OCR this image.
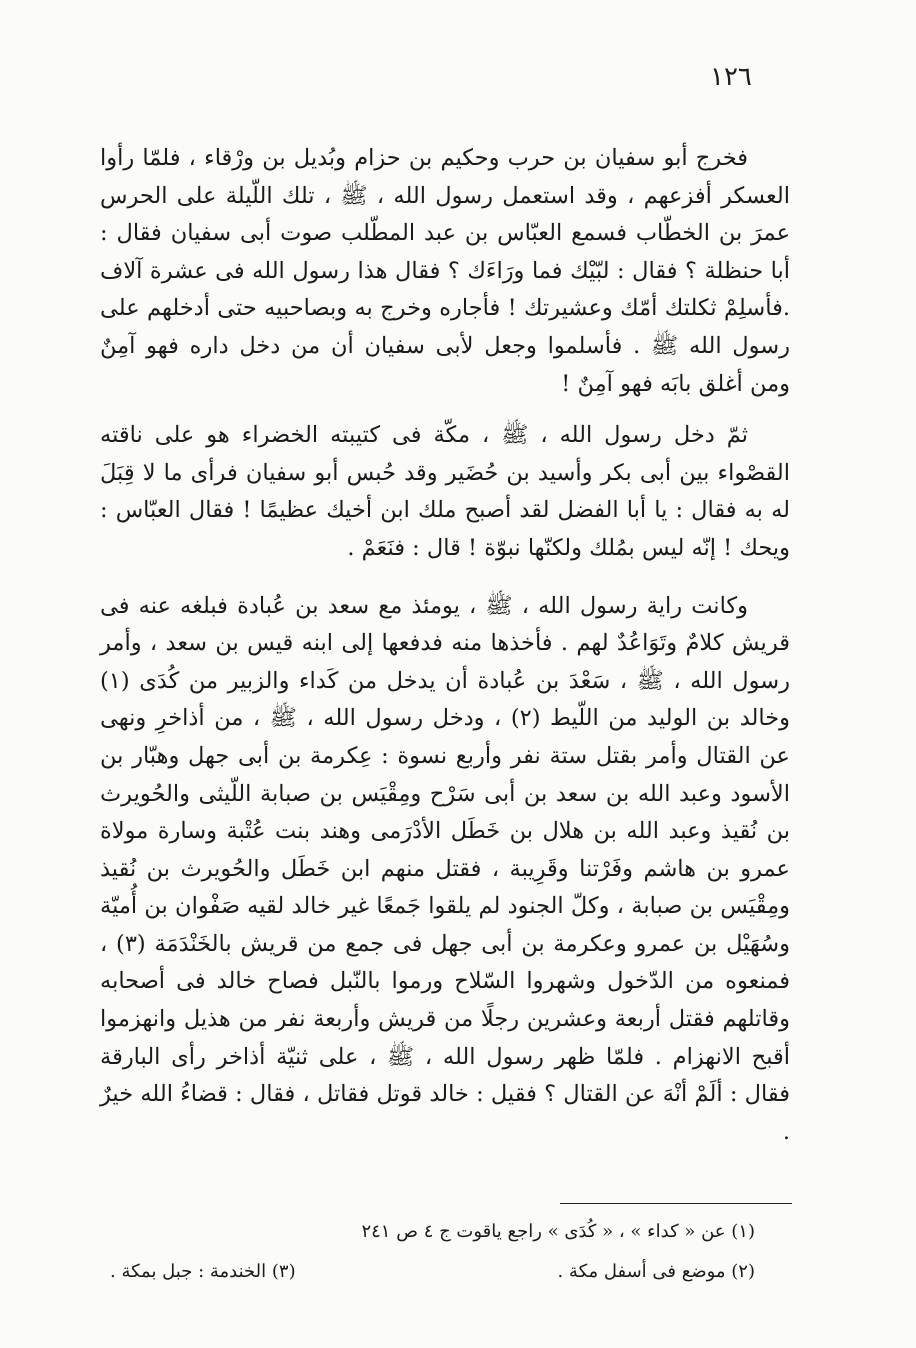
١٢٦

فخرج أبو سفيان بن حرب وحكيم بن حزام وبُديل بن ورْقاء ، فلمّا رأوا العسكر أفزعهم ، وقد استعمل رسول الله ، ﷺ ، تلك اللّيلة على الحرس عمرَ بن الخطّاب فسمع العبّاس بن عبد المطّلب صوت أبى سفيان فقال : أبا حنظلة ؟ فقال : لبّيْك فما ورَاءَك ؟ فقال هذا رسول الله فى عشرة آلاف .فأسلِمْ ثكلتك أمّك وعشيرتك ! فأجاره وخرج به وبصاحبيه حتى أدخلهم على رسول الله ﷺ . فأسلموا وجعل لأبى سفيان أن من دخل داره فهو آمِنٌ ومن أغلق بابَه فهو آمِنٌ !

ثمّ دخل رسول الله ، ﷺ ، مكّة فى كتيبته الخضراء هو على ناقته القصْواء بين أبى بكر وأسيد بن حُضَير وقد حُبس أبو سفيان فرأى ما لا قِبَلَ له به فقال : يا أبا الفضل لقد أصبح ملك ابن أخيك عظيمًا ! فقال العبّاس : ويحك ! إنّه ليس بمُلك ولكنّها نبوّة ! قال : فنَعَمْ .

وكانت راية رسول الله ، ﷺ ، يومئذ مع سعد بن عُبادة فبلغه عنه فى قريش كلامٌ وتَوَاعُدٌ لهم . فأخذها منه فدفعها إلى ابنه قيس بن سعد ، وأمر رسول الله ، ﷺ ، سَعْدَ بن عُبادة أن يدخل من كَداء والزبير من كُدَى (١) وخالد بن الوليد من اللّيط (٢) ، ودخل رسول الله ، ﷺ ، من أذاخرِ ونهى عن القتال وأمر بقتل ستة نفر وأربع نسوة : عِكرمة بن أبى جهل وهبّار بن الأسود وعبد الله بن سعد بن أبى سَرْح ومِقْيَس بن صبابة اللّيثى والحُويرث بن نُقيذ وعبد الله بن هلال بن خَطَل الأدْرَمى وهند بنت عُتْبة وسارة مولاة عمرو بن هاشم وفَرْتنا وقَرِيبة ، فقتل منهم ابن خَطَل والحُويرث بن نُقيذ ومِقْيَس بن صبابة ، وكلّ الجنود لم يلقوا جَمعًا غير خالد لقيه صَفْوان بن أُميّة وسُهَيْل بن عمرو وعكرمة بن أبى جهل فى جمع من قريش بالخَنْدَمَة (٣) ، فمنعوه من الدّخول وشهروا السّلاح ورموا بالنّبل فصاح خالد فى أصحابه وقاتلهم فقتل أربعة وعشرين رجلًا من قريش وأربعة نفر من هذيل وانهزموا أقبح الانهزام . فلمّا ظهر رسول الله ، ﷺ ، على ثنيّة أذاخر رأى البارقة فقال : ألَمْ أنْهَ عن القتال ؟ فقيل : خالد قوتل فقاتل ، فقال : قضاءُ الله خيرٌ .

(١) عن « كداء » ، « كُدَى » راجع ياقوت ج ٤ ص ٢٤١
(٢) موضع فى أسفل مكة .
(٣) الخندمة : جبل بمكة .
